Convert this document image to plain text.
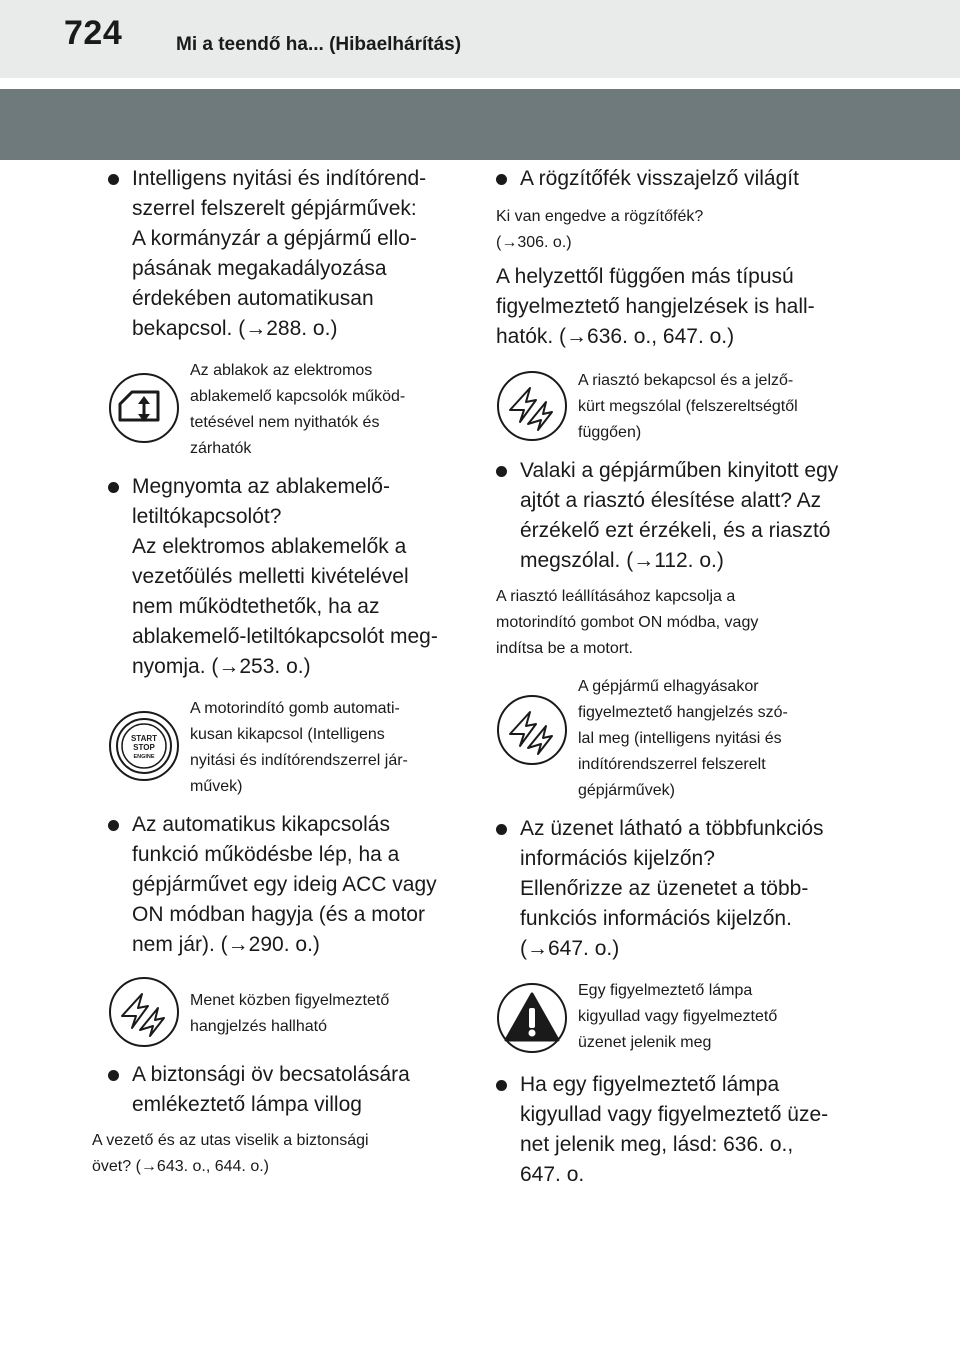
724	Mi a teendő ha... (Hibaelhárítás)

Intelligens nyitási és indítórend-

szerrel felszerelt gépjárművek:

A kormányzár a gépjármű ello-

pásának megakadályozása

érdekében automatikusan

bekapcsol. (→288. o.)

Az ablakok az elektromos

ablakemelő kapcsolók működ-

tetésével nem nyithatók és

zárhatók

Megnyomta az ablakemelő-

letiltókapcsolót?

Az elektromos ablakemelők a

vezetőülés melletti kivételével

nem működtethetők, ha az

ablakemelő-letiltókapcsolót meg-

nyomja. (→253. o.)

START
STOP
ENGINE

A motorindító gomb automati-

kusan kikapcsol (Intelligens

nyitási és indítórendszerrel jár-

művek)

Az automatikus kikapcsolás

funkció működésbe lép, ha a

gépjárművet egy ideig ACC vagy

ON módban hagyja (és a motor

nem jár). (→290. o.)

Menet közben figyelmeztető

hangjelzés hallható

A biztonsági öv becsatolására

emlékeztető lámpa villog

A vezető és az utas viselik a biztonsági

övet? (→643. o., 644. o.)

A rögzítőfék visszajelző világít

Ki van engedve a rögzítőfék?

(→306. o.)

A helyzettől függően más típusú

figyelmeztető hangjelzések is hall-

hatók. (→636. o., 647. o.)

A riasztó bekapcsol és a jelző-

kürt megszólal (felszereltségtől

függően)

Valaki a gépjárműben kinyitott egy

ajtót a riasztó élesítése alatt? Az

érzékelő ezt érzékeli, és a riasztó

megszólal. (→112. o.)

A riasztó leállításához kapcsolja a

motorindító gombot ON módba, vagy

indítsa be a motort.

A gépjármű elhagyásakor

figyelmeztető hangjelzés szó-

lal meg (intelligens nyitási és

indítórendszerrel felszerelt

gépjárművek)

Az üzenet látható a többfunkciós

információs kijelzőn?

Ellenőrizze az üzenetet a több-

funkciós információs kijelzőn.

(→647. o.)

Egy figyelmeztető lámpa

kigyullad vagy figyelmeztető

üzenet jelenik meg

Ha egy figyelmeztető lámpa

kigyullad vagy figyelmeztető üze-

net jelenik meg, lásd: 636. o.,

647. o.
